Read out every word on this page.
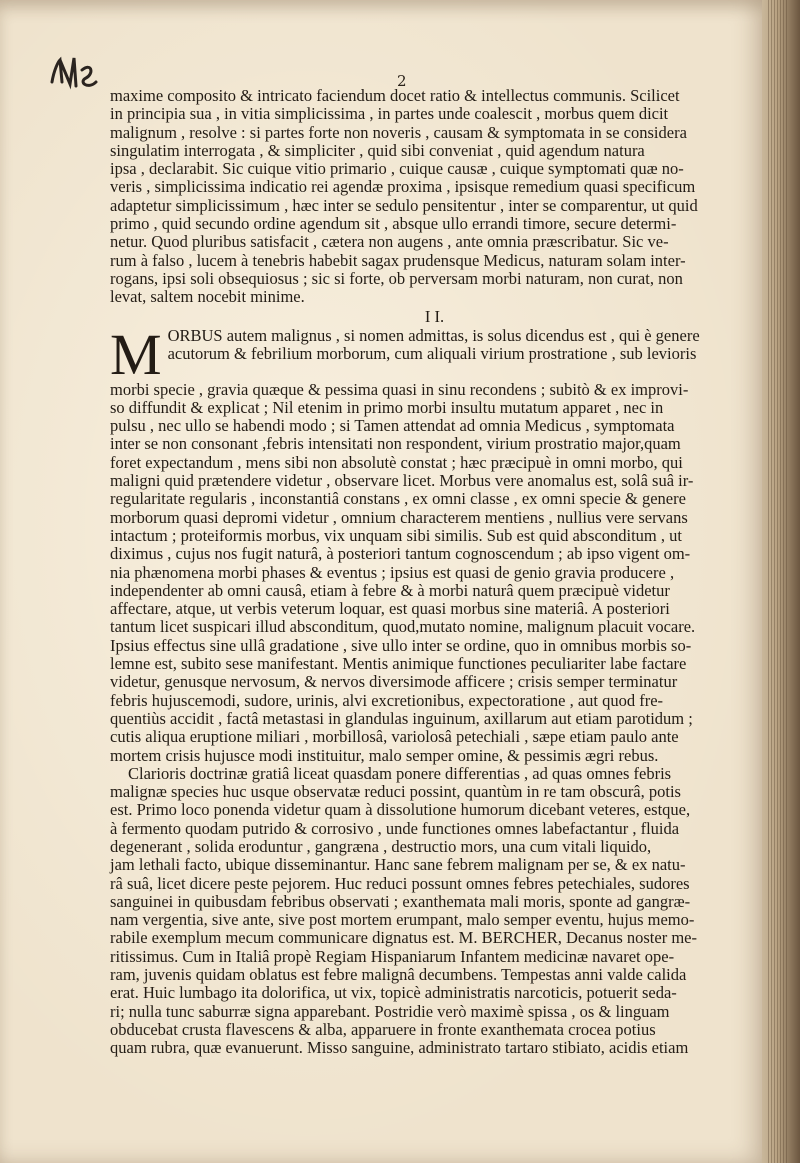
2
maxime composito & intricato faciendum docet ratio & intellectus communis. Scilicet
in principia sua , in vitia simplicissima , in partes unde coalescit , morbus quem dicit
malignum , resolve : si partes forte non noveris , causam & symptomata in se considera
singulatim interrogata , & simpliciter , quid sibi conveniat , quid agendum natura
ipsa , declarabit. Sic cuique vitio primario , cuique causæ , cuique symptomati quæ no-
veris , simplicissima indicatio rei agendæ proxima , ipsisque remedium quasi specificum
adaptetur simplicissimum , hæc inter se sedulo pensitentur , inter se comparentur, ut quid
primo , quid secundo ordine agendum sit , absque ullo errandi timore, secure determi-
netur. Quod pluribus satisfacit , cætera non augens , ante omnia præscribatur. Sic ve-
rum à falso , lucem à tenebris habebit sagax prudensque Medicus, naturam solam inter-
rogans, ipsi soli obsequiosus ; sic si forte, ob perversam morbi naturam, non curat, non
levat, saltem nocebit minime.
I I.
M ORBUS autem malignus , si nomen admittas, is solus dicendus est , qui è genere
acutorum & febrilium morborum, cum aliquali virium prostratione , sub levioris
morbi specie , gravia quæque & pessima quasi in sinu recondens ; subitò & ex improvi-
so diffundit & explicat ; Nil etenim in primo morbi insultu mutatum apparet , nec in
pulsu , nec ullo se habendi modo ; si Tamen attendat ad omnia Medicus , symptomata
inter se non consonant ,febris intensitati non respondent, virium prostratio major,quam
foret expectandum , mens sibi non absolutè constat ; hæc præcipuè in omni morbo, qui
maligni quid prætendere videtur , observare licet. Morbus vere anomalus est, solâ suâ ir-
regularitate regularis , inconstantiâ constans , ex omni classe , ex omni specie & genere
morborum quasi depromi videtur , omnium characterem mentiens , nullius vere servans
intactum ; proteiformis morbus, vix unquam sibi similis. Sub est quid absconditum , ut
diximus , cujus nos fugit naturâ, à posteriori tantum cognoscendum ; ab ipso vigent om-
nia phænomena morbi phases & eventus ; ipsius est quasi de genio gravia producere ,
independenter ab omni causâ, etiam à febre & à morbi naturâ quem præcipuè videtur
affectare, atque, ut verbis veterum loquar, est quasi morbus sine materiâ. A posteriori
tantum licet suspicari illud absconditum, quod,mutato nomine, malignum placuit vocare.
Ipsius effectus sine ullâ gradatione , sive ullo inter se ordine, quo in omnibus morbis so-
lemne est, subito sese manifestant. Mentis animique functiones peculiariter labe factare
videtur, genusque nervosum, & nervos diversimode afficere ; crisis semper terminatur
febris hujuscemodi, sudore, urinis, alvi excretionibus, expectoratione , aut quod fre-
quentiùs accidit , factâ metastasi in glandulas inguinum, axillarum aut etiam parotidum ;
cutis aliqua eruptione miliari , morbillosâ, variolosâ petechiali , sæpe etiam paulo ante
mortem crisis hujusce modi instituitur, malo semper omine, & pessimis ægri rebus.
Clarioris doctrinæ gratiâ liceat quasdam ponere differentias , ad quas omnes febris
malignæ species huc usque observatæ reduci possint, quantùm in re tam obscurâ, potis
est. Primo loco ponenda videtur quam à dissolutione humorum dicebant veteres, estque,
à fermento quodam putrido & corrosivo , unde functiones omnes labefactantur , fluida
degenerant , solida eroduntur , gangræna , destructio mors, una cum vitali liquido,
jam lethali facto, ubique disseminantur. Hanc sane febrem malignam per se, & ex natu-
râ suâ, licet dicere peste pejorem. Huc reduci possunt omnes febres petechiales, sudores
sanguinei in quibusdam febribus observati ; exanthemata mali moris, sponte ad gangræ-
nam vergentia, sive ante, sive post mortem erumpant, malo semper eventu, hujus memo-
rabile exemplum mecum communicare dignatus est. M. BERCHER, Decanus noster me-
ritissimus. Cum in Italiâ propè Regiam Hispaniarum Infantem medicinæ navaret ope-
ram, juvenis quidam oblatus est febre malignâ decumbens. Tempestas anni valde calida
erat. Huic lumbago ita dolorifica, ut vix, topicè administratis narcoticis, potuerit seda-
ri; nulla tunc saburræ signa apparebant. Postridie verò maximè spissa , os & linguam
obducebat crusta flavescens & alba, apparuere in fronte exanthemata crocea potius
quam rubra, quæ evanuerunt. Misso sanguine, administrato tartaro stibiato, acidis etiam
